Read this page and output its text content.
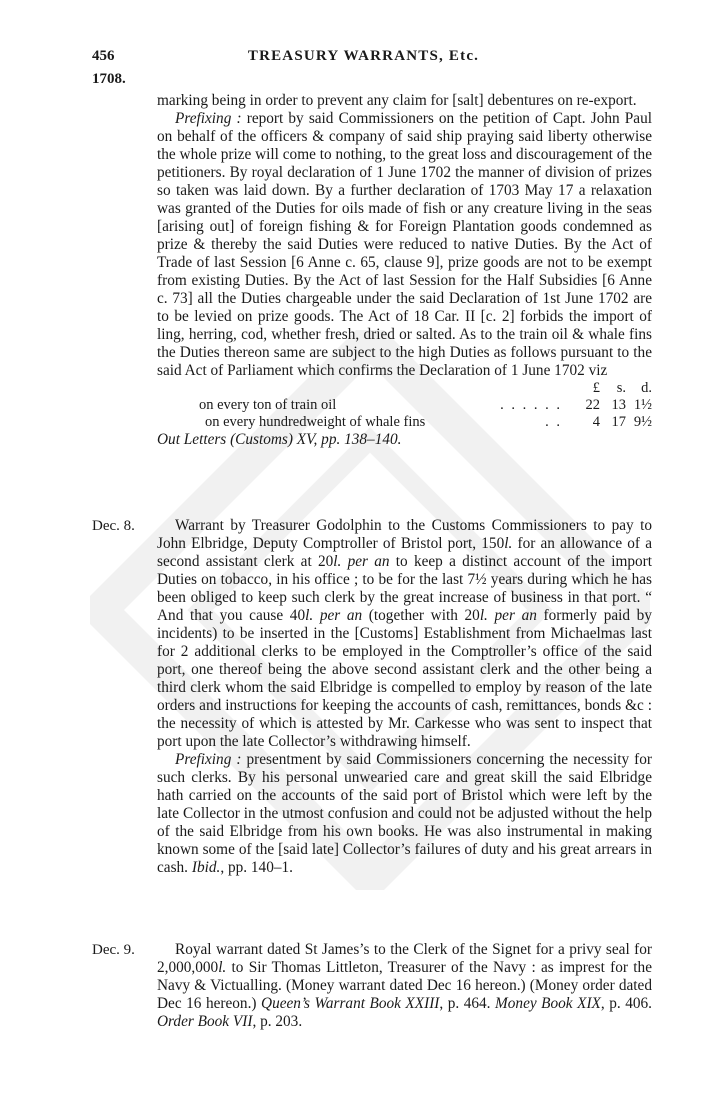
456	TREASURY WARRANTS, Etc.
1708.

marking being in order to prevent any claim for [salt] debentures on re-export.

Prefixing : report by said Commissioners on the petition of Capt. John Paul on behalf of the officers & company of said ship praying said liberty otherwise the whole prize will come to nothing, to the great loss and discouragement of the petitioners. By royal declaration of 1 June 1702 the manner of division of prizes so taken was laid down. By a further declaration of 1703 May 17 a relaxation was granted of the Duties for oils made of fish or any creature living in the seas [arising out] of foreign fishing & for Foreign Plantation goods condemned as prize & thereby the said Duties were reduced to native Duties. By the Act of Trade of last Session [6 Anne c. 65, clause 9], prize goods are not to be exempt from existing Duties. By the Act of last Session for the Half Subsidies [6 Anne c. 73] all the Duties chargeable under the said Declaration of 1st June 1702 are to be levied on prize goods. The Act of 18 Car. II [c. 2] forbids the import of ling, herring, cod, whether fresh, dried or salted. As to the train oil & whale fins the Duties thereon same are subject to the high Duties as follows pursuant to the said Act of Parliament which confirms the Declaration of 1 June 1702 viz

		£	s.	d.
on every ton of train oil	. . . . . .	22	13	1½
on every hundredweight of whale fins	. .	4	17	9½
Out Letters (Customs) XV, pp. 138–140.
Dec. 8.	Warrant by Treasurer Godolphin to the Customs Commissioners to pay to John Elbridge, Deputy Comptroller of Bristol port, 150l. for an allowance of a second assistant clerk at 20l. per an to keep a distinct account of the import Duties on tobacco, in his office ; to be for the last 7½ years during which he has been obliged to keep such clerk by the great increase of business in that port. “ And that you cause 40l. per an (together with 20l. per an formerly paid by incidents) to be inserted in the [Customs] Establishment from Michaelmas last for 2 additional clerks to be employed in the Comptroller’s office of the said port, one thereof being the above second assistant clerk and the other being a third clerk whom the said Elbridge is compelled to employ by reason of the late orders and instructions for keeping the accounts of cash, remittances, bonds &c : the necessity of which is attested by Mr. Carkesse who was sent to inspect that port upon the late Collector’s withdrawing himself.

Prefixing : presentment by said Commissioners concerning the necessity for such clerks. By his personal unwearied care and great skill the said Elbridge hath carried on the accounts of the said port of Bristol which were left by the late Collector in the utmost confusion and could not be adjusted without the help of the said Elbridge from his own books. He was also instrumental in making known some of the [said late] Collector’s failures of duty and his great arrears in cash. Ibid., pp. 140–1.

Dec. 9.	Royal warrant dated St James’s to the Clerk of the Signet for a privy seal for 2,000,000l. to Sir Thomas Littleton, Treasurer of the Navy : as imprest for the Navy & Victualling. (Money warrant dated Dec 16 hereon.) (Money order dated Dec 16 hereon.) Queen’s Warrant Book XXIII, p. 464. Money Book XIX, p. 406. Order Book VII, p. 203.
